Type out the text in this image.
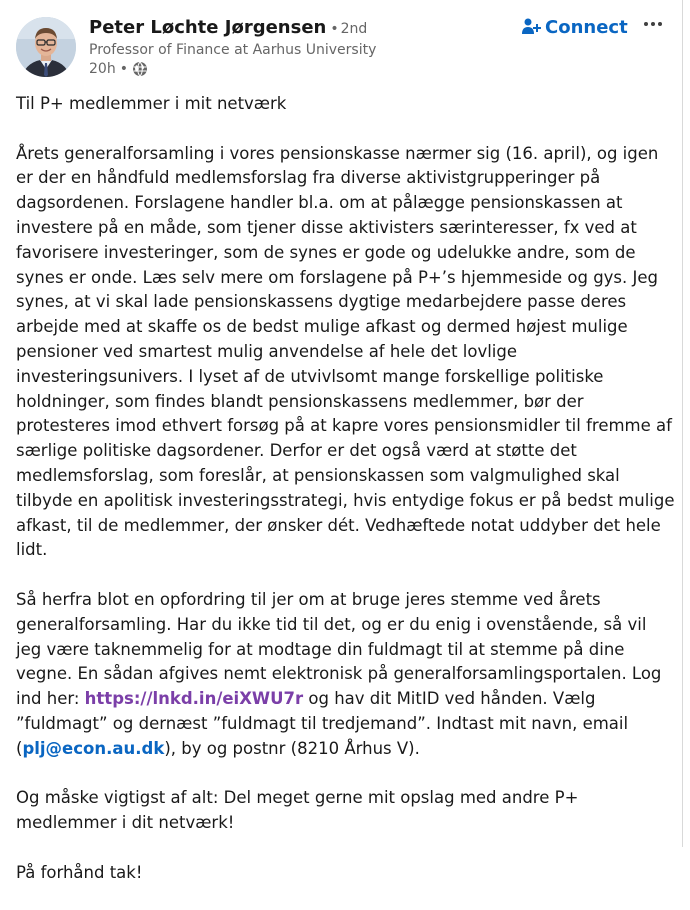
Peter Løchte Jørgensen • 2nd
Professor of Finance at Aarhus University
20h •
Connect

Til P+ medlemmer i mit netværk

Årets generalforsamling i vores pensionskasse nærmer sig (16. april), og igen er der en håndfuld medlemsforslag fra diverse aktivistgrupperinger på dagsordenen. Forslagene handler bl.a. om at pålægge pensionskassen at investere på en måde, som tjener disse aktivisters særinteresser, fx ved at favorisere investeringer, som de synes er gode og udelukke andre, som de synes er onde. Læs selv mere om forslagene på P+’s hjemmeside og gys. Jeg synes, at vi skal lade pensionskassens dygtige medarbejdere passe deres arbejde med at skaffe os de bedst mulige afkast og dermed højest mulige pensioner ved smartest mulig anvendelse af hele det lovlige investeringsunivers. I lyset af de utvivlsomt mange forskellige politiske holdninger, som findes blandt pensionskassens medlemmer, bør der protesteres imod ethvert forsøg på at kapre vores pensionsmidler til fremme af særlige politiske dagsordener. Derfor er det også værd at støtte det medlemsforslag, som foreslår, at pensionskassen som valgmulighed skal tilbyde en apolitisk investeringsstrategi, hvis entydige fokus er på bedst mulige afkast, til de medlemmer, der ønsker dét. Vedhæftede notat uddyber det hele lidt.

Så herfra blot en opfordring til jer om at bruge jeres stemme ved årets generalforsamling. Har du ikke tid til det, og er du enig i ovenstående, så vil jeg være taknemmelig for at modtage din fuldmagt til at stemme på dine vegne. En sådan afgives nemt elektronisk på generalforsamlingsportalen. Log ind her: https://lnkd.in/eiXWU7r og hav dit MitID ved hånden. Vælg ”fuldmagt” og dernæst ”fuldmagt til tredjemand”. Indtast mit navn, email (plj@econ.au.dk), by og postnr (8210 Århus V).

Og måske vigtigst af alt: Del meget gerne mit opslag med andre P+ medlemmer i dit netværk!

På forhånd tak!
